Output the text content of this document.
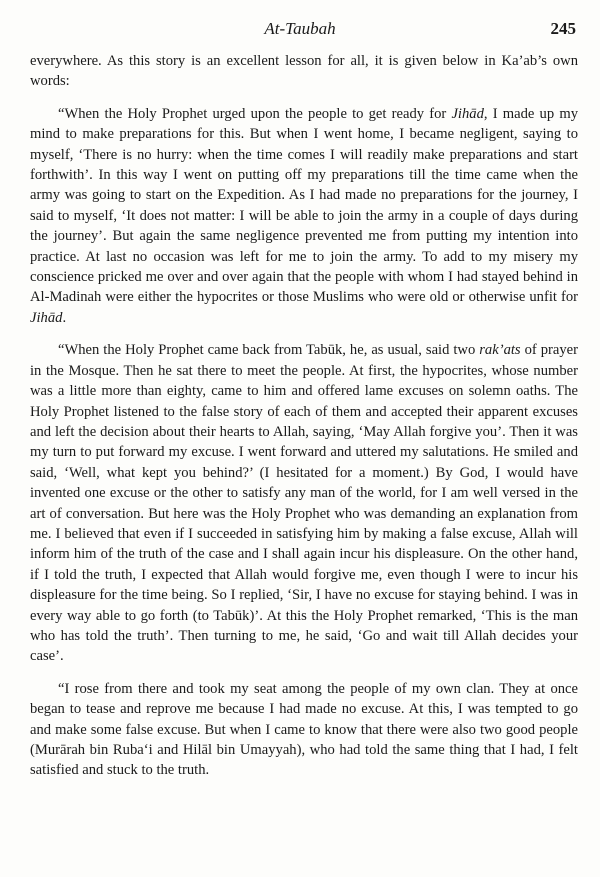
At-Taubah	245

everywhere. As this story is an excellent lesson for all, it is given below in Ka’ab’s own words:

“When the Holy Prophet urged upon the people to get ready for Jihād, I made up my mind to make preparations for this. But when I went home, I became negligent, saying to myself, ‘There is no hurry: when the time comes I will readily make preparations and start forthwith’. In this way I went on putting off my preparations till the time came when the army was going to start on the Expedition. As I had made no preparations for the journey, I said to myself, ‘It does not matter: I will be able to join the army in a couple of days during the journey’. But again the same negligence prevented me from putting my intention into practice. At last no occasion was left for me to join the army. To add to my misery my conscience pricked me over and over again that the people with whom I had stayed behind in Al-Madinah were either the hypocrites or those Muslims who were old or otherwise unfit for Jihād.

“When the Holy Prophet came back from Tabūk, he, as usual, said two rak’ats of prayer in the Mosque. Then he sat there to meet the people. At first, the hypocrites, whose number was a little more than eighty, came to him and offered lame excuses on solemn oaths. The Holy Prophet listened to the false story of each of them and accepted their apparent excuses and left the decision about their hearts to Allah, saying, ‘May Allah forgive you’. Then it was my turn to put forward my excuse. I went forward and uttered my salutations. He smiled and said, ‘Well, what kept you behind?’ (I hesitated for a moment.) By God, I would have invented one excuse or the other to satisfy any man of the world, for I am well versed in the art of conversation. But here was the Holy Prophet who was demanding an explanation from me. I believed that even if I succeeded in satisfying him by making a false excuse, Allah will inform him of the truth of the case and I shall again incur his displeasure. On the other hand, if I told the truth, I expected that Allah would forgive me, even though I were to incur his displeasure for the time being. So I replied, ‘Sir, I have no excuse for staying behind. I was in every way able to go forth (to Tabūk)’. At this the Holy Prophet remarked, ‘This is the man who has told the truth’. Then turning to me, he said, ‘Go and wait till Allah decides your case’.

“I rose from there and took my seat among the people of my own clan. They at once began to tease and reprove me because I had made no excuse. At this, I was tempted to go and make some false excuse. But when I came to know that there were also two good people (Murārah bin Ruba‘i and Hilāl bin Umayyah), who had told the same thing that I had, I felt satisfied and stuck to the truth.
